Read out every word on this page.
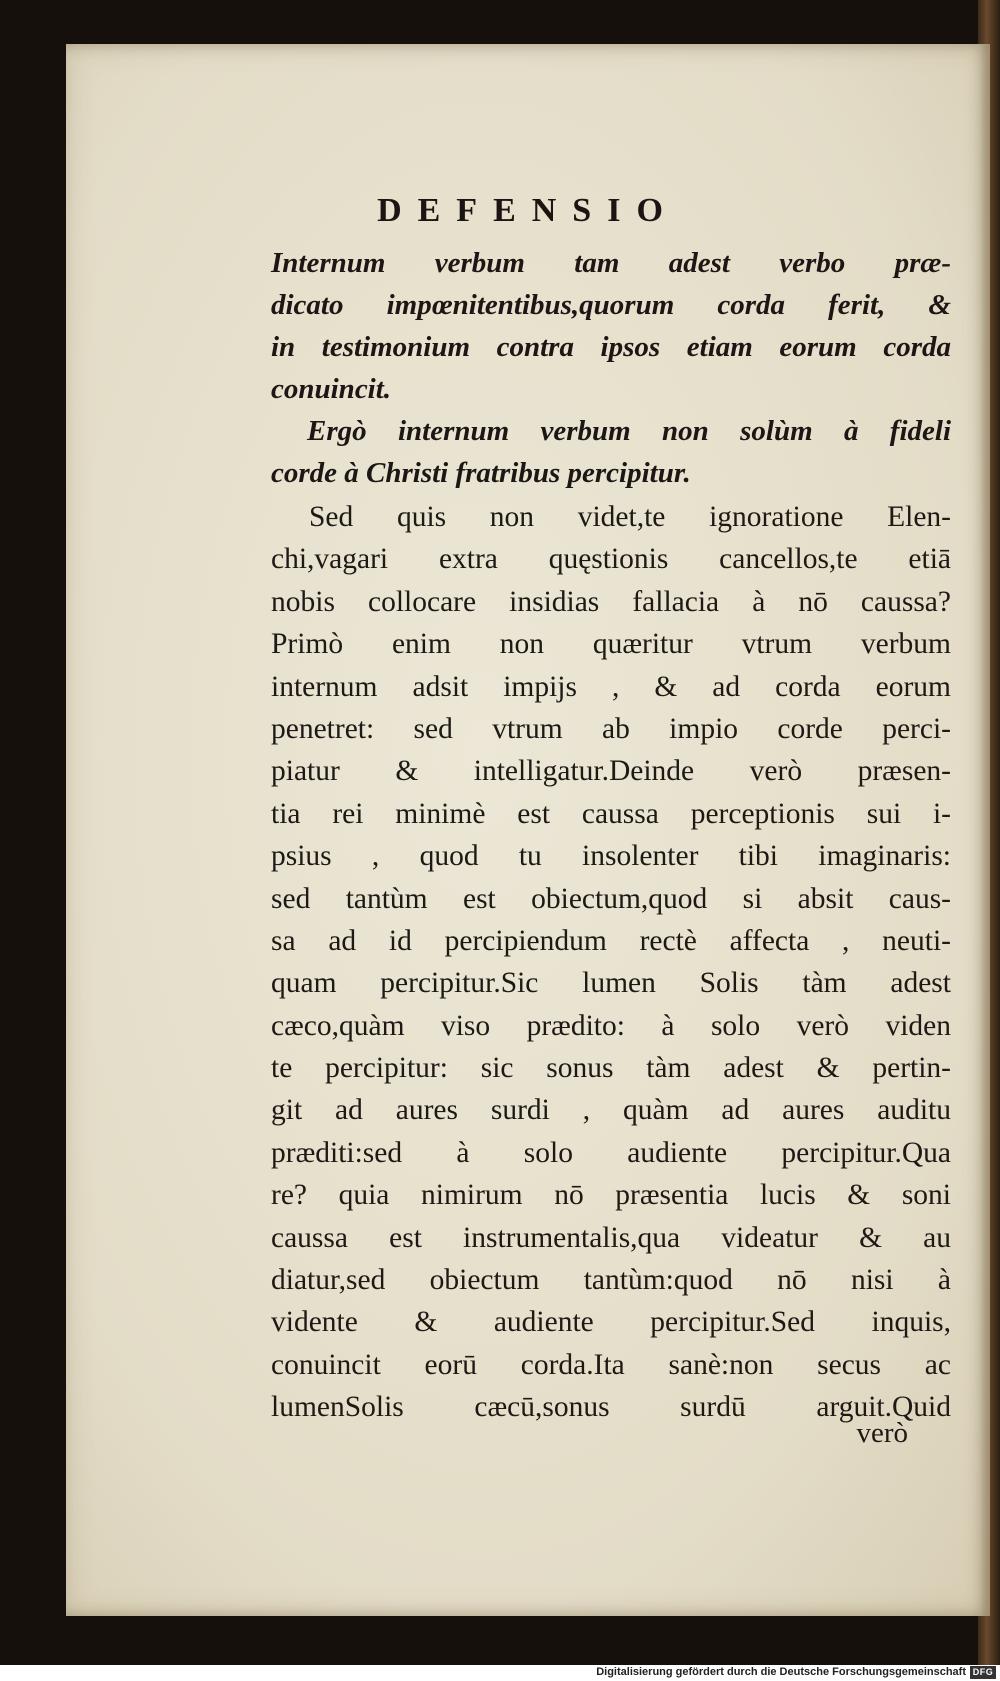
DEFENSIO
Internum verbum tam adest verbo præ-
dicato impœnitentibus,quorum corda ferit, &
in testimonium contra ipsos etiam eorum corda
conuincit.
Ergò internum verbum non solùm à fideli
corde à Christi fratribus percipitur.
Sed quis non videt,te ignoratione Elen-
chi,vagari extra quęstionis cancellos,te etiā
nobis collocare insidias fallacia à nō caussa?
Primò enim non quæritur vtrum verbum
internum adsit impijs , & ad corda eorum
penetret: sed vtrum ab impio corde perci-
piatur & intelligatur.Deinde verò præsen-
tia rei minimè est caussa perceptionis sui i-
psius , quod tu insolenter tibi imaginaris:
sed tantùm est obiectum,quod si absit caus-
sa ad id percipiendum rectè affecta , neuti-
quam percipitur.Sic lumen Solis tàm adest
cæco,quàm viso prædito: à solo verò viden
te percipitur: sic sonus tàm adest & pertin-
git ad aures surdi , quàm ad aures auditu
præditi:sed à solo audiente percipitur.Qua
re? quia nimirum nō præsentia lucis & soni
caussa est instrumentalis,qua videatur & au
diatur,sed obiectum tantùm:quod nō nisi à
vidente & audiente percipitur.Sed inquis,
conuincit eorū corda.Ita sanè:non secus ac
lumenSolis cæcū,sonus surdū arguit.Quid
verò
Digitalisierung gefördert durch die Deutsche Forschungsgemeinschaft DFG
